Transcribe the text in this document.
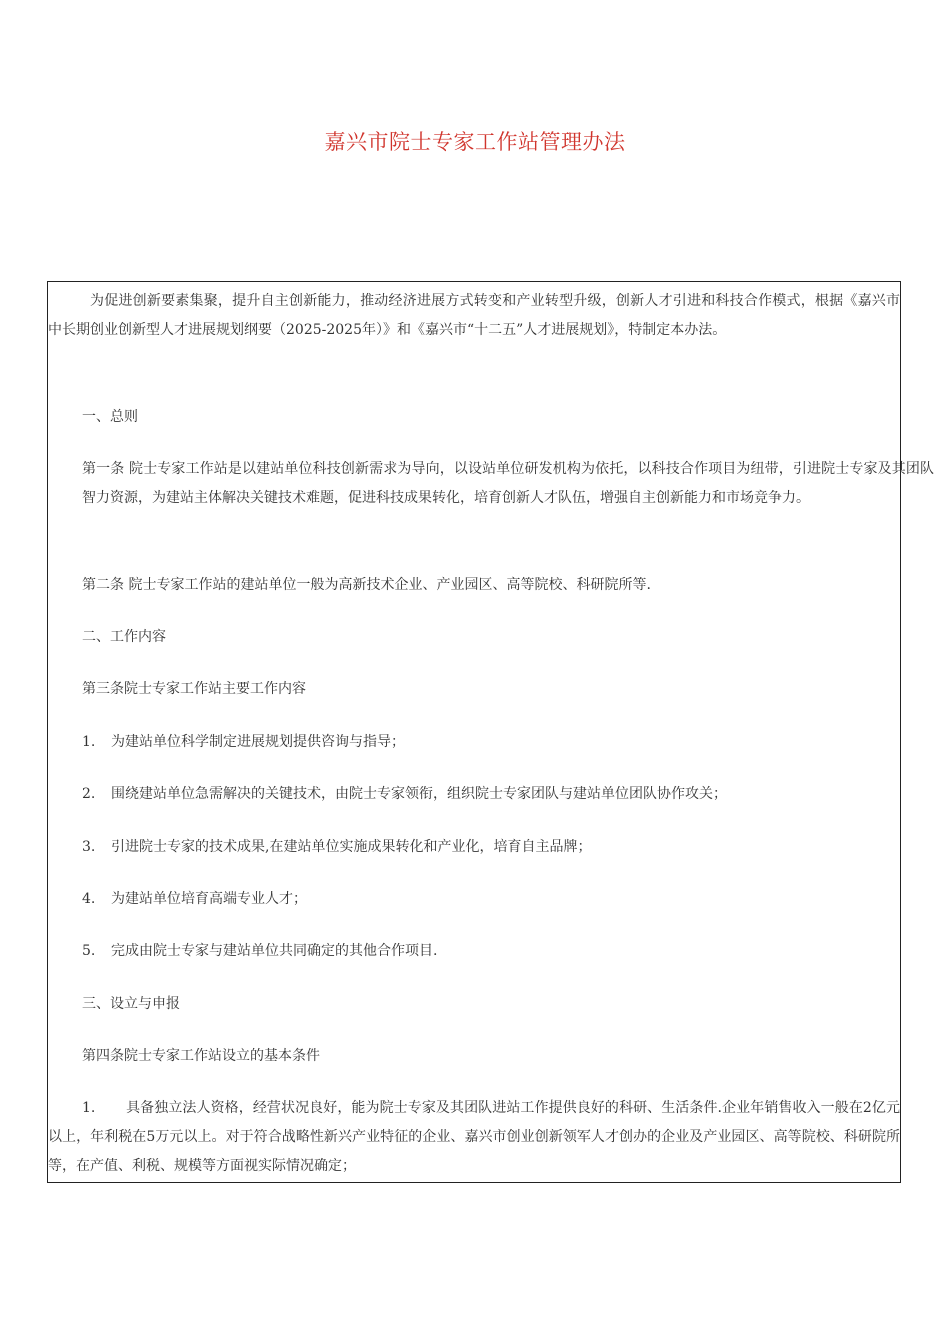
嘉兴市院士专家工作站管理办法
为促进创新要素集聚，提升自主创新能力，推动经济进展方式转变和产业转型升级，创新人才引进和科技合作模式，根据《嘉兴市中长期创业创新型人才进展规划纲要（2025-2025年）》和《嘉兴市“十二五”人才进展规划》，特制定本办法。
一、总则
第一条 院士专家工作站是以建站单位科技创新需求为导向，以设站单位研发机构为依托，以科技合作项目为纽带，引进院士专家及其团队智力资源，为建站主体解决关键技术难题，促进科技成果转化，培育创新人才队伍，增强自主创新能力和市场竞争力。
第二条 院士专家工作站的建站单位一般为高新技术企业、产业园区、高等院校、科研院所等.
二、工作内容
第三条院士专家工作站主要工作内容
1. 为建站单位科学制定进展规划提供咨询与指导；
2. 围绕建站单位急需解决的关键技术，由院士专家领衔，组织院士专家团队与建站单位团队协作攻关；
3. 引进院士专家的技术成果,在建站单位实施成果转化和产业化，培育自主品牌；
4. 为建站单位培育高端专业人才；
5. 完成由院士专家与建站单位共同确定的其他合作项目.
三、设立与申报
第四条院士专家工作站设立的基本条件
1. 具备独立法人资格，经营状况良好，能为院士专家及其团队进站工作提供良好的科研、生活条件.企业年销售收入一般在2亿元以上，年利税在5万元以上。对于符合战略性新兴产业特征的企业、嘉兴市创业创新领军人才创办的企业及产业园区、高等院校、科研院所等，在产值、利税、规模等方面视实际情况确定；
